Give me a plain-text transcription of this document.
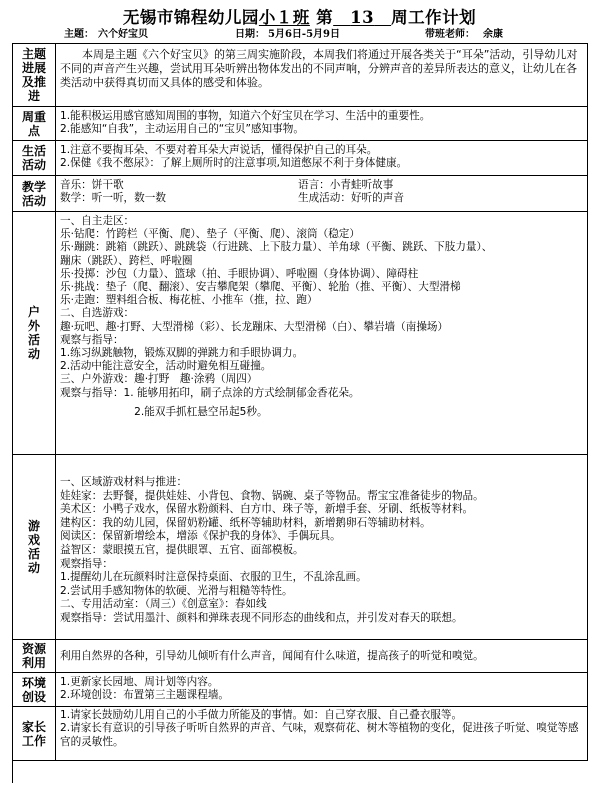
无锡市锦程幼儿园小１班 第　 13　 周工作计划
主题： 六个好宝贝	日期： 5月6日-5月9日	带班老师： 余康
主题
进展
及推
进

本周是主题《六个好宝贝》的第三周实施阶段，本周我们将通过开展各类关于“耳朵”活动，引导幼儿对不同的声音产生兴趣，尝试用耳朵听辨出物体发出的不同声响，分辨声音的差异所表达的意义，让幼儿在各类活动中获得真切而又具体的感受和体验。

周重
点

1.能积极运用感官感知周围的事物，知道六个好宝贝在学习、生活中的重要性。

2.能感知“自我”，主动运用自己的“宝贝”感知事物。

生活
活动

1.注意不要掏耳朵、不要对着耳朵大声说话，懂得保护自己的耳朵。

2.保健《我不憋尿》：了解上厕所时的注意事项,知道憋尿不利于身体健康。

教学
活动

音乐：饼干歌	语言：小青蛙听故事

数学：听一听，数一数	生成活动：好听的声音

户
外
活
动

一、自主走区：

乐·钻爬：竹跨栏（平衡、爬）、垫子（平衡、爬）、滚筒（稳定）

乐·蹦跳：跳箱（跳跃）、跳跳袋（行进跳、上下肢力量）、羊角球（平衡、跳跃、下肢力量）、

蹦床（跳跃）、跨栏、呼啦圈

乐·投掷：沙包（力量）、篮球（拍、手眼协调）、呼啦圈（身体协调）、障碍柱

乐·挑战：垫子（爬、翻滚）、安吉攀爬架（攀爬、平衡）、轮胎（推、平衡）、大型滑梯

乐·走跑：塑料组合板、梅花桩、小推车（推，拉、跑）

二、自选游戏：

趣·玩吧、趣·打野、大型滑梯（彩）、长龙蹦床、大型滑梯（白）、攀岩墙（南操场）

观察与指导：

1.练习纵跳触物，锻炼双脚的弹跳力和手眼协调力。

2.活动中能注意安全，活动时避免相互碰撞。

三、户外游戏：趣·打野　趣·涂鸦（周四）

观察与指导：1. 能够用拓印，刷子点涂的方式绘制郁金香花朵。

　　　　　　　2.能双手抓杠悬空吊起5秒。

游
戏
活
动

一、区域游戏材料与推进：

娃娃家：去野餐，提供娃娃、小背包、食物、锅碗、桌子等物品。帮宝宝准备徒步的物品。

美术区：小鸭子戏水，保留水粉颜料、白方巾、珠子等，新增手套、牙刷、纸板等材料。

建构区：我的幼儿园，保留奶粉罐、纸杯等辅助材料，新增鹅卵石等辅助材料。

阅读区：保留新增绘本，增添《保护我的身体》、手偶玩具。

益智区：蒙眼摸五官，提供眼罩、五官、面部模板。

观察指导：

1.提醒幼儿在玩颜料时注意保持桌面、衣服的卫生，不乱涂乱画。

2.尝试用手感知物体的软硬、光滑与粗糙等特性。

二、专用活动室：（周三）《创意室》：春如线

观察指导：尝试用墨汁、颜料和弹珠表现不同形态的曲线和点，并引发对春天的联想。

资源
利用

利用自然界的各种，引导幼儿倾听有什么声音，闻闻有什么味道，提高孩子的听觉和嗅觉。

环境
创设

1.更新家长园地、周计划等内容。

2.环境创设：布置第三主题课程墙。

家长
工作

1.请家长鼓励幼儿用自己的小手做力所能及的事情。如：自己穿衣服、自己叠衣服等。

2.请家长有意识的引导孩子听听自然界的声音、气味，观察荷花、树木等植物的变化，促进孩子听觉、嗅觉等感官的灵敏性。
